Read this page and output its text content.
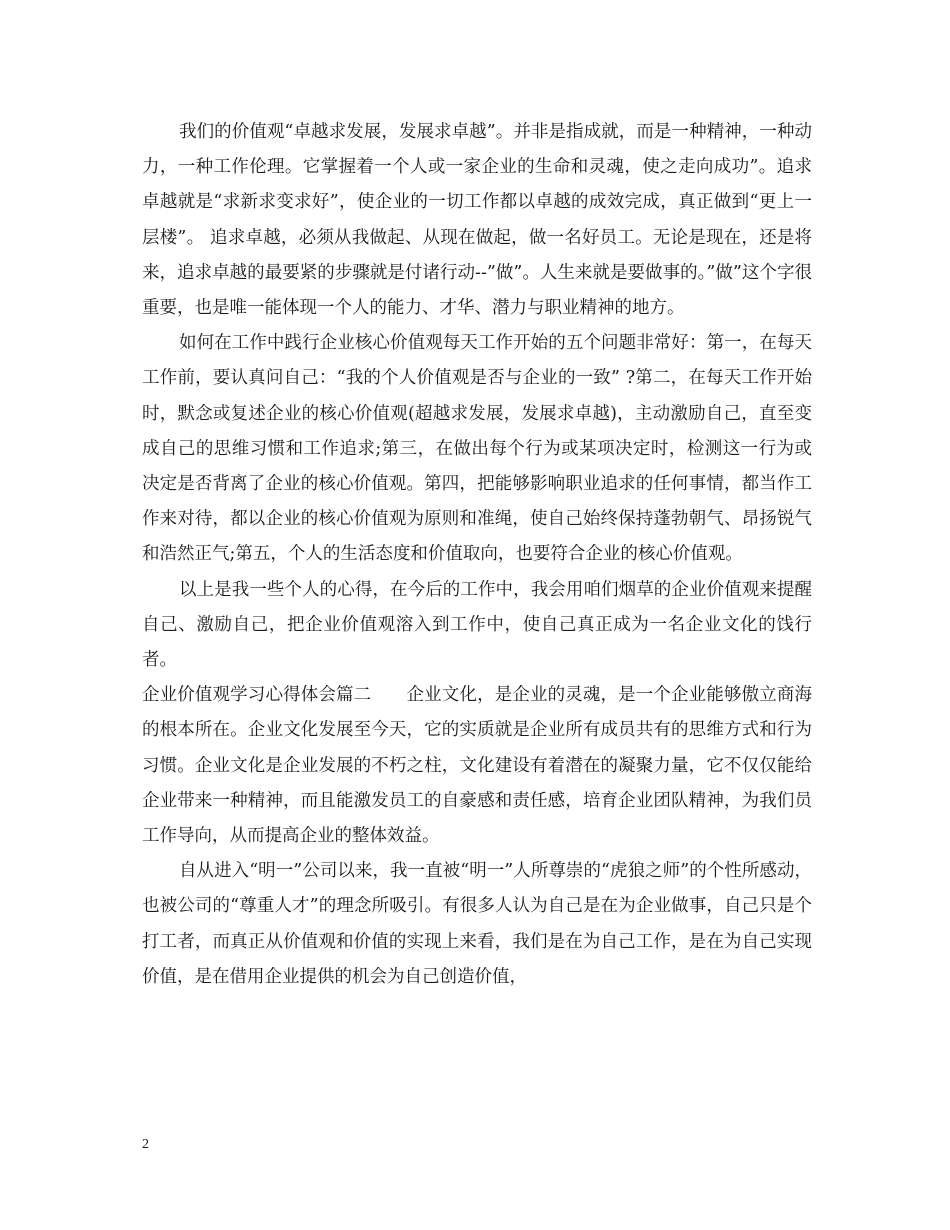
我们的价值观“卓越求发展，发展求卓越”。并非是指成就，而是一种精神，一种动力，一种工作伦理。它掌握着一个人或一家企业的生命和灵魂，使之走向成功”。追求卓越就是“求新求变求好”，使企业的一切工作都以卓越的成效完成，真正做到“更上一层楼”。 追求卓越，必须从我做起、从现在做起，做一名好员工。无论是现在，还是将来，追求卓越的最要紧的步骤就是付诸行动--”做”。人生来就是要做事的。”做”这个字很重要，也是唯一能体现一个人的能力、才华、潜力与职业精神的地方。

如何在工作中践行企业核心价值观每天工作开始的五个问题非常好：第一，在每天工作前，要认真问自己：“我的个人价值观是否与企业的一致” ?第二，在每天工作开始时，默念或复述企业的核心价值观(超越求发展，发展求卓越)，主动激励自己，直至变成自己的思维习惯和工作追求;第三，在做出每个行为或某项决定时，检测这一行为或决定是否背离了企业的核心价值观。第四，把能够影响职业追求的任何事情，都当作工作来对待，都以企业的核心价值观为原则和准绳，使自己始终保持蓬勃朝气、昂扬锐气和浩然正气;第五，个人的生活态度和价值取向，也要符合企业的核心价值观。

以上是我一些个人的心得，在今后的工作中，我会用咱们烟草的企业价值观来提醒自己、激励自己，把企业价值观溶入到工作中，使自己真正成为一名企业文化的饯行者。

企业价值观学习心得体会篇二　　企业文化，是企业的灵魂，是一个企业能够傲立商海的根本所在。企业文化发展至今天，它的实质就是企业所有成员共有的思维方式和行为习惯。企业文化是企业发展的不朽之柱，文化建设有着潜在的凝聚力量，它不仅仅能给企业带来一种精神，而且能激发员工的自豪感和责任感，培育企业团队精神，为我们员工作导向，从而提高企业的整体效益。

自从进入“明一”公司以来，我一直被“明一”人所尊崇的“虎狼之师”的个性所感动，也被公司的“尊重人才”的理念所吸引。有很多人认为自己是在为企业做事，自己只是个打工者，而真正从价值观和价值的实现上来看，我们是在为自己工作，是在为自己实现价值，是在借用企业提供的机会为自己创造价值，

2
